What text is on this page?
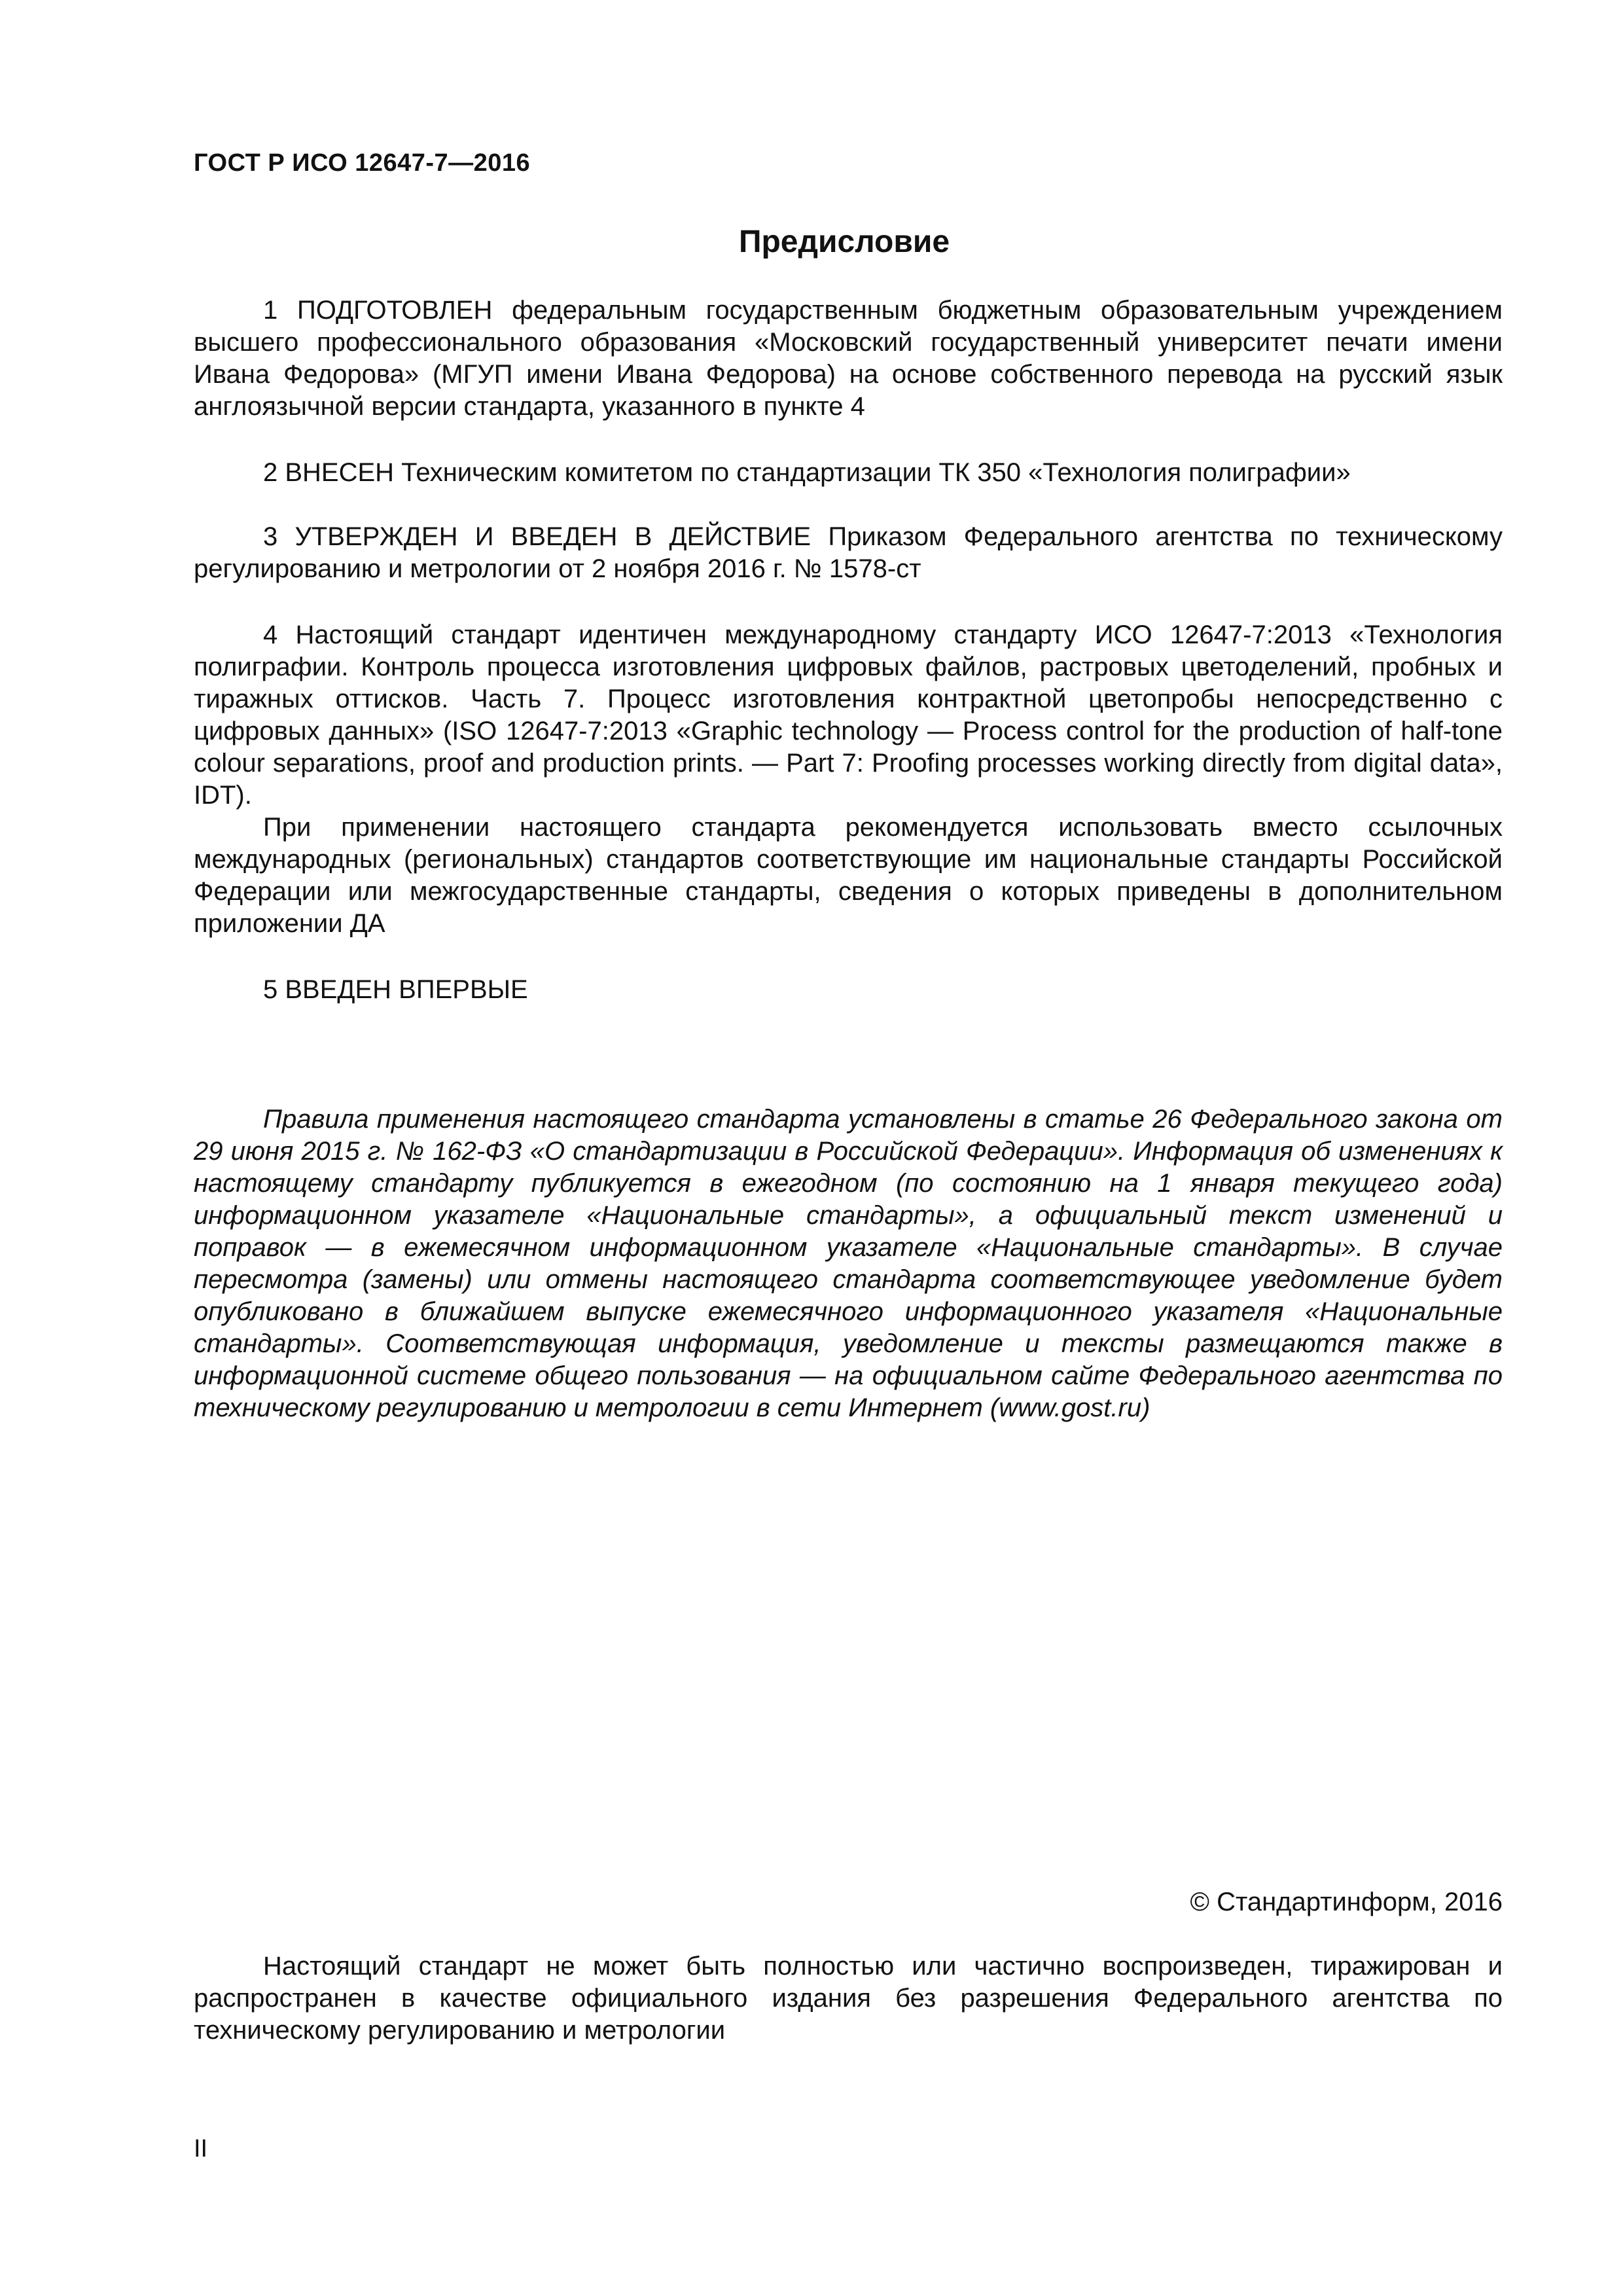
ГОСТ Р ИСО 12647-7—2016
Предисловие

1 ПОДГОТОВЛЕН федеральным государственным бюджетным образовательным учреждением высшего профессионального образования «Московский государственный университет печати имени Ивана Федорова» (МГУП имени Ивана Федорова) на основе собственного перевода на русский язык англоязычной версии стандарта, указанного в пункте 4

2 ВНЕСЕН Техническим комитетом по стандартизации ТК 350 «Технология полиграфии»

3 УТВЕРЖДЕН И ВВЕДЕН В ДЕЙСТВИЕ Приказом Федерального агентства по техническому регулированию и метрологии от 2 ноября 2016 г. № 1578-ст

4 Настоящий стандарт идентичен международному стандарту ИСО 12647-7:2013 «Технология полиграфии. Контроль процесса изготовления цифровых файлов, растровых цветоделений, пробных и тиражных оттисков. Часть 7. Процесс изготовления контрактной цветопробы непосредственно с цифровых данных» (ISO 12647-7:2013 «Graphic technology — Process control for the production of half-tone colour separations, proof and production prints. — Part 7: Proofing processes working directly from digital data», IDT).

При применении настоящего стандарта рекомендуется использовать вместо ссылочных международных (региональных) стандартов соответствующие им национальные стандарты Российской Федерации или межгосударственные стандарты, сведения о которых приведены в дополнительном приложении ДА

5 ВВЕДЕН ВПЕРВЫЕ

Правила применения настоящего стандарта установлены в статье 26 Федерального закона от 29 июня 2015 г. № 162-ФЗ «О стандартизации в Российской Федерации». Информация об изменениях к настоящему стандарту публикуется в ежегодном (по состоянию на 1 января текущего года) информационном указателе «Национальные стандарты», а официальный текст изменений и поправок — в ежемесячном информационном указателе «Национальные стандарты». В случае пересмотра (замены) или отмены настоящего стандарта соответствующее уведомление будет опубликовано в ближайшем выпуске ежемесячного информационного указателя «Национальные стандарты». Соответствующая информация, уведомление и тексты размещаются также в информационной системе общего пользования — на официальном сайте Федерального агентства по техническому регулированию и метрологии в сети Интернет (www.gost.ru)

© Стандартинформ, 2016

Настоящий стандарт не может быть полностью или частично воспроизведен, тиражирован и распространен в качестве официального издания без разрешения Федерального агентства по техническому регулированию и метрологии

II
